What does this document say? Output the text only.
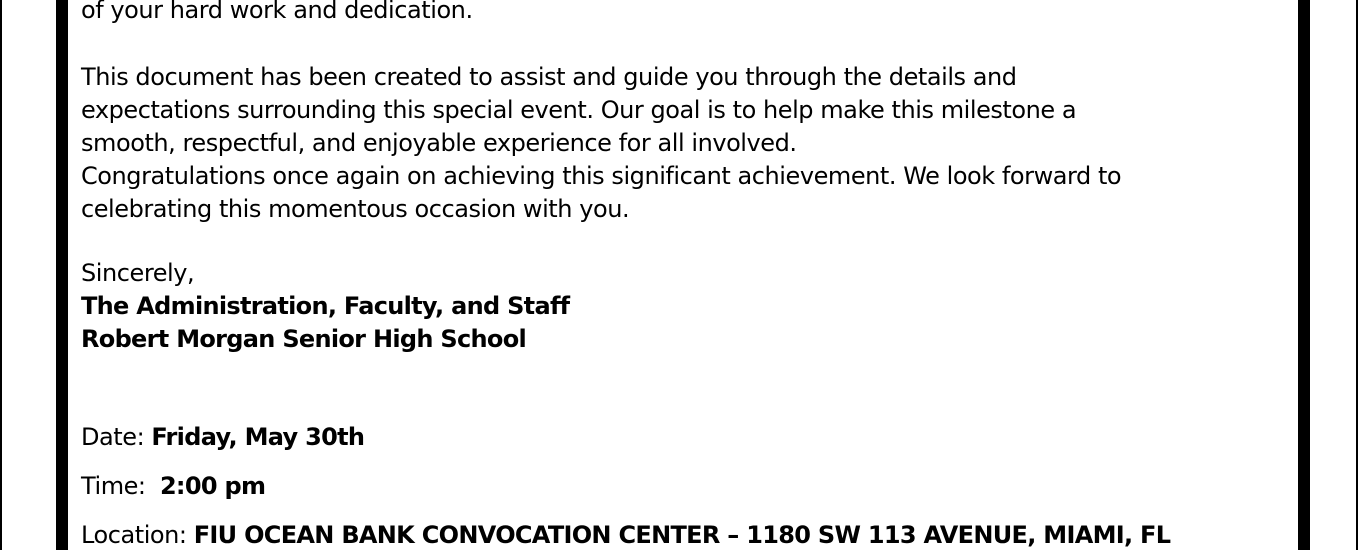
of your hard work and dedication.

This document has been created to assist and guide you through the details and

expectations surrounding this special event. Our goal is to help make this milestone a

smooth, respectful, and enjoyable experience for all involved.

Congratulations once again on achieving this significant achievement. We look forward to

celebrating this momentous occasion with you.

Sincerely,

The Administration, Faculty, and Staff

Robert Morgan Senior High School

Date: Friday, May 30th

Time: 2:00 pm

Location: FIU OCEAN BANK CONVOCATION CENTER – 1180 SW 113 AVENUE, MIAMI, FL
